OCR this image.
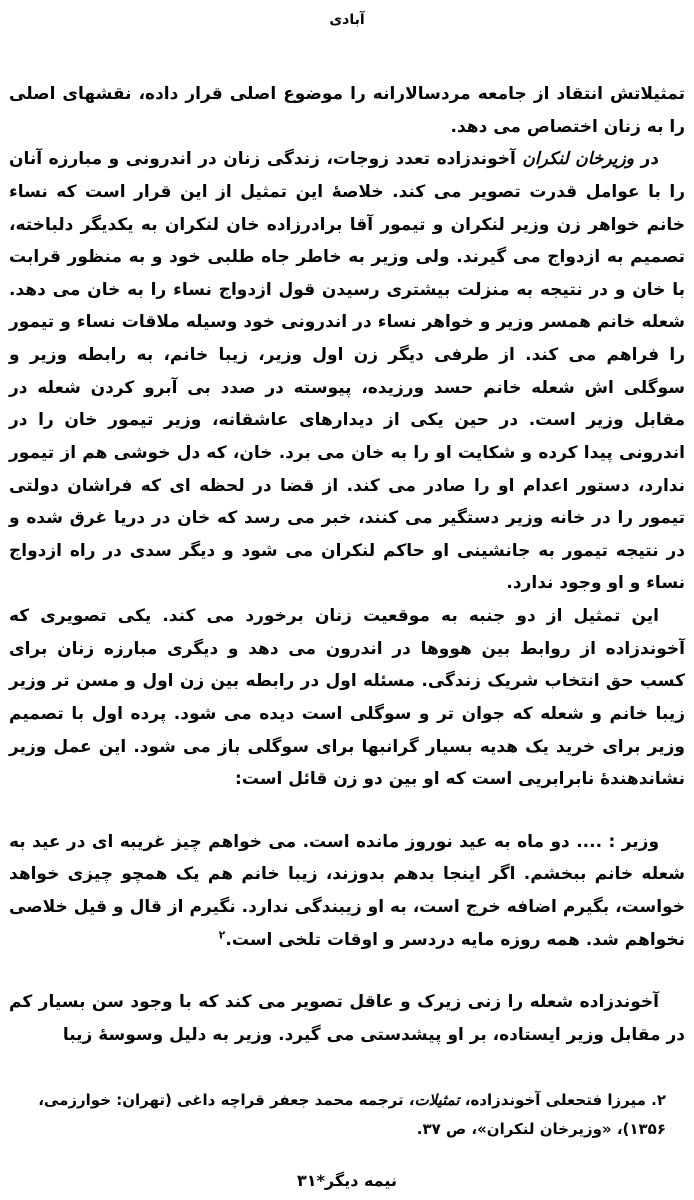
آبادی

تمثیلاتش انتقاد از جامعه مردسالارانه را موضوع اصلی قرار داده، نقشهای اصلی را به زنان اختصاص می دهد.

در وزیرخان لنکران آخوندزاده تعدد زوجات، زندگی زنان در اندرونی و مبارزه آنان را با عوامل قدرت تصویر می کند. خلاصهٔ این تمثیل از این قرار است که نساء خانم خواهر زن وزیر لنکران و تیمور آقا برادرزاده خان لنکران به یکدیگر دلباخته، تصمیم به ازدواج می گیرند. ولی وزیر به خاطر جاه طلبی خود و به منظور قرابت با خان و در نتیجه به منزلت بیشتری رسیدن قول ازدواج نساء را به خان می دهد. شعله خانم همسر وزیر و خواهر نساء در اندرونی خود وسیله ملاقات نساء و تیمور را فراهم می کند. از طرفی دیگر زن اول وزیر، زیبا خانم، به رابطه وزیر و سوگلی اش شعله خانم حسد ورزیده، پیوسته در صدد بی آبرو کردن شعله در مقابل وزیر است. در حین یکی از دیدارهای عاشقانه، وزیر تیمور خان را در اندرونی پیدا کرده و شکایت او را به خان می برد. خان، که دل خوشی هم از تیمور ندارد، دستور اعدام او را صادر می کند. از قضا در لحظه ای که فراشان دولتی تیمور را در خانه وزیر دستگیر می کنند، خبر می رسد که خان در دریا غرق شده و در نتیجه تیمور به جانشینی او حاکم لنکران می شود و دیگر سدی در راه ازدواج نساء و او وجود ندارد.

این تمثیل از دو جنبه به موقعیت زنان برخورد می کند. یکی تصویری که آخوندزاده از روابط بین هووها در اندرون می دهد و دیگری مبارزه زنان برای کسب حق انتخاب شریک زندگی. مسئله اول در رابطه بین زن اول و مسن تر وزیر زیبا خانم و شعله که جوان تر و سوگلی است دیده می شود. پرده اول با تصمیم وزیر برای خرید یک هدیه بسیار گرانبها برای سوگلی باز می شود. این عمل وزیر نشاندهندهٔ نابرابریی است که او بین دو زن قائل است:

وزیر : .... دو ماه به عید نوروز مانده است. می خواهم چیز غریبه ای در عید به شعله خانم ببخشم. اگر اینجا بدهم بدوزند، زیبا خانم هم یک همچو چیزی خواهد خواست، بگیرم اضافه خرج است، به او زیبندگی ندارد. نگیرم از قال و قیل خلاصی نخواهم شد. همه روزه مایه دردسر و اوقات تلخی است.$^۲$

آخوندزاده شعله را زنی زیرک و عاقل تصویر می کند که با وجود سن بسیار کم در مقابل وزیر ایستاده، بر او پیشدستی می گیرد. وزیر به دلیل وسوسهٔ زیبا

۲. میرزا فتحعلی آخوندزاده، تمثیلات، ترجمه محمد جعفر قراچه داغی (تهران: خوارزمی، ۱۳۵۶)، «وزیرخان لنکران»، ص ۳۷.
نیمه دیگر*۳۱
